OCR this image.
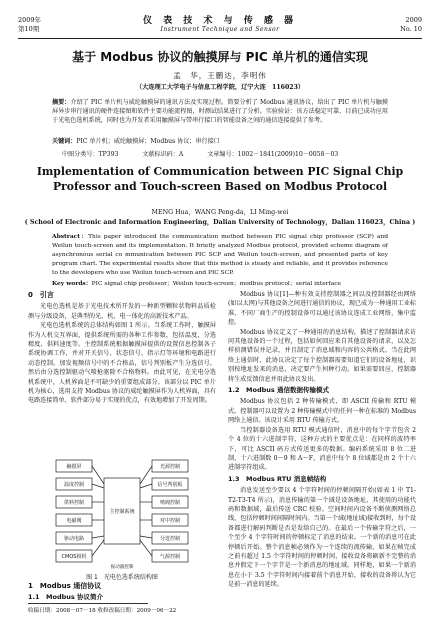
2009年
第10期
仪 表 技 术 与 传 感 器
Instrument Technique and Sensor
2009
No. 10
基于 Modbus 协议的触摸屏与 PIC 单片机的通信实现
孟　华，王鹏达，李明伟
（大连理工大学电子与信息工程学院，辽宁大连　116023）
摘要：介绍了 PIC 单片机与威纶触摸屏的通讯方法及实现过程。简要分析了 Modbus 通讯协议，给出了 PIC 单片机与触摸屏异步串行通讯的硬件连接图和软件主要功能流程图，时测试结果进行了分析。实验验证：该方法稳定可靠，目前已成功应用于光电色选机系统，同时也为开发者采用触摸屏与带串行接口的智能设备之间的通信连接提供了参考。
关键词：PIC 单片机；威纶触摸屏；Modbus 协议；串行接口
中图分类号：TP393	文献标识码：A	文章编号：1002－1841(2009)10－0058－03
Implementation of Communication between PIC Signal Chip
Professor and Touch-screen Based on Modbus Protocol
MENG Hua，WANG Peng-da，LI Ming-wei
( School of Electronic and Information Engineering，Dalian University of Technology，Dalian 116023，China )
Abstract：This paper introduced the communication method between PIC signal chip professor (SCP) and Weilun touch-screen and its implementation. It briefly analyzed Modbus protocol, provided scheme diagram of asynchronous serial co mmunication between PIC SCP and Weilun touch-screen, and presented parts of key program chart. The experimental results show that this method is steady and reliable, and it provides reference to the developers who use Weilun touch-screen and PIC SCP.
Key words：PIC signal chip professor；Weilun touch-screen；modbus protocol；serial interface
0　引言

光电色选机是基于光电技术所开发的一种新型颗粒状物料品质检测与分级设备，是典型的光、机、电一体化的高新技术产品。

光电色选机系统的总体结构如图 1 所示。当系统工作时，触摸屏作为人机交互界面，提供系统所需的各种工作参数，包括温度、分选精度、供料速度等。主控制系统根据触摸屏提供的设置信息控制各子系统协调工作，并对开关信号、状态信号、指示灯等环境和电路进行动态控制。加发视频信号中的不合格品，信号判别板产生分选信号，然后由分选控制驱动气喷枪驱除不合格物料。由此可见，在光电分选机系统中，人机界面是不可缺少的重要组成部分。该部分以 PIC 单片机为核心，选用支持 Modbus 协议的威纶触摸屏作为人机界面，具有电路连接简单、软件部分易于实现的优点，有效地增加了开发周期。

触摸屏
温度控制
供料控制
电磁阀
驱动电路
CMOS相机
主控制系统
光源控制
信号判别板
喷阀控制
对中控制
分选控制
气源控制
振动器控制
图 1　光电色选系统结构图
1　Modbus 通信协议
1.1　Modbus 协议简介
收稿日期：2008－07－18 收修改稿日期：2009－06－22

Modbus 协议[1]—种有效支持控制器之间以及控制器经由网络(如以太网)与其他设备之间进行通信的协议，现已成为一种通用工业标准，不同厂商生产的控制设备可以通过该协议连成工业网络，集中监控。

Modbus 协议定义了一种通用的消息结构，描述了控制器请求访问其他设备的一个过程，包括如何回应来自其他设备的请求，以及怎样侦测错误并记录，并且制定了消息域和内容的公共格式。当在此网络上通信时，此协议决定了每个控制器需要知道它们的设备地址，识别按地址发来的消息，决定要产生何种行动。如果需要回应，控制器将生成反馈信息并用此协议发出。

1.2　Modbus 通信数据传输模式

Modbus 协议包括 2 种传输模式，即 ASCII 传输和 RTU 模式。控制器可以设置为 2 种传输模式中的任何一种在标准的 Modbus 网络上通信。该设计采用 RTU 传输方式。

当控制器设备选用 RTU 模式通信时，消息中的每个字节包含 2 个 4 位的十六进制字符，这种方式的主要优点是：在同样的波特率下，可比 ASCII 码方式传送更多的数据。编码系统采用 8 位二进制，十六进制数 0～9 和 A～F，消息中每个 8 位域都是由 2 个十六进制字符组成。

1.3　Modbus RTU 消息帧结构

消息发送至少要以 4 个字符时间的停顿间隔开始(如表 1 中 T1-T2-T3-T4 所示)，消息传输的第一个域是设备地址，其使用的功能代码和数据域，最后传送 CRC 校验。空间时间内设备不断侦测网络总线，包括停顿时间间隔时间内。当第一个域(地址域)接收到时，每个设备都进行解码判断是否是发给自己的。在最后一个传输字符之后，一个至少 4 个字符时间的停顿标定了消息的结束。一个新的消息可在此停顿后开始。整个消息帧必须作为一个连续的流传输，如果在帧完成之前有超过 1.5 个字符时间的停顿时间，接收设备将刷新不完整的消息并假定下一个字节是一个新消息的地址域。同样地，如果一个新消息在小于 3.5 个字符时间内接着前个消息开始，接收的设备将认为它是前一消息的延续。
